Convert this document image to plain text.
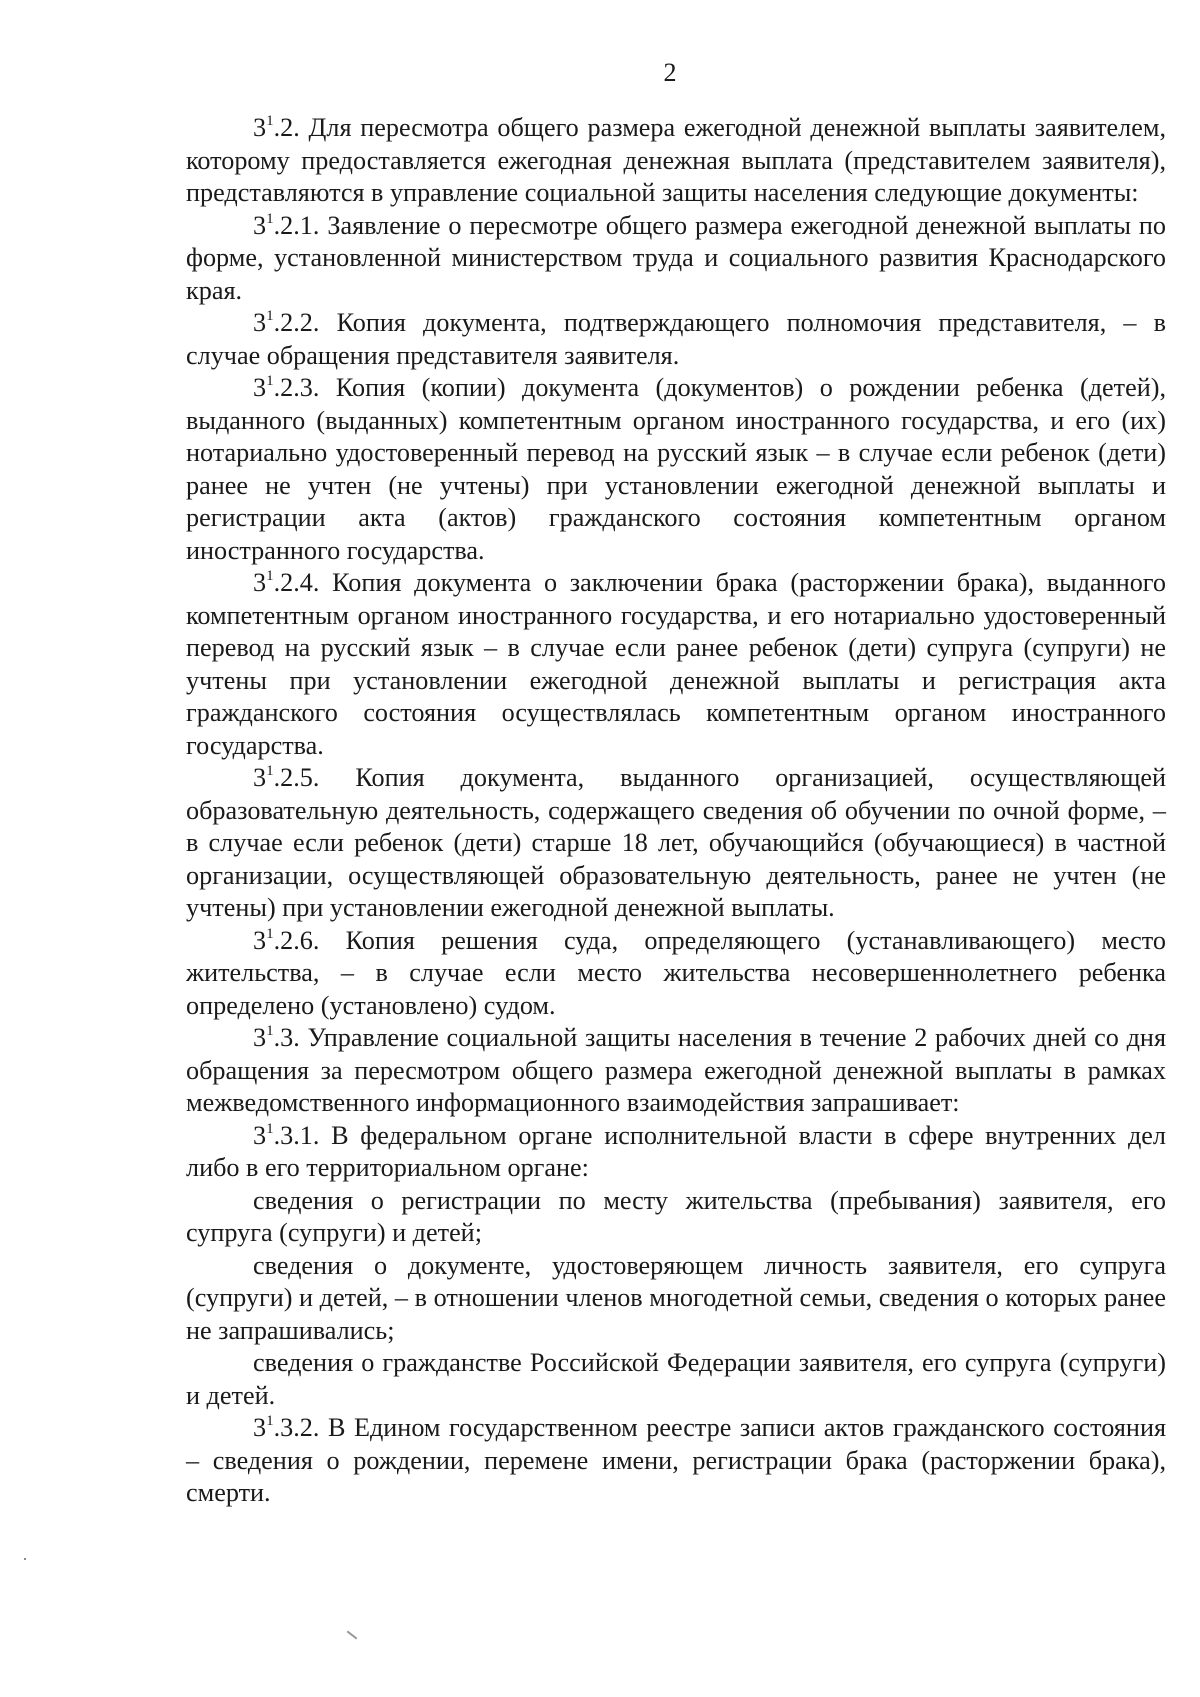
2

$3^1.2$. Для пересмотра общего размера ежегодной денежной выплаты заявителем, которому предоставляется ежегодная денежная выплата (представителем заявителя), представляются в управление социальной защиты населения следующие документы:

$3^1.2.1$. Заявление о пересмотре общего размера ежегодной денежной выплаты по форме, установленной министерством труда и социального развития Краснодарского края.

$3^1.2.2$. Копия документа, подтверждающего полномочия представителя, – в случае обращения представителя заявителя.

$3^1.2.3$. Копия (копии) документа (документов) о рождении ребенка (детей), выданного (выданных) компетентным органом иностранного государства, и его (их) нотариально удостоверенный перевод на русский язык – в случае если ребенок (дети) ранее не учтен (не учтены) при установлении ежегодной денежной выплаты и регистрации акта (актов) гражданского состояния компетентным органом иностранного государства.

$3^1.2.4$. Копия документа о заключении брака (расторжении брака), выданного компетентным органом иностранного государства, и его нотариально удостоверенный перевод на русский язык – в случае если ранее ребенок (дети) супруга (супруги) не учтены при установлении ежегодной денежной выплаты и регистрация акта гражданского состояния осуществлялась компетентным органом иностранного государства.

$3^1.2.5$. Копия документа, выданного организацией, осуществляющей образовательную деятельность, содержащего сведения об обучении по очной форме, – в случае если ребенок (дети) старше 18 лет, обучающийся (обучающиеся) в частной организации, осуществляющей образовательную деятельность, ранее не учтен (не учтены) при установлении ежегодной денежной выплаты.

$3^1.2.6$. Копия решения суда, определяющего (устанавливающего) место жительства, – в случае если место жительства несовершеннолетнего ребенка определено (установлено) судом.

$3^1.3$. Управление социальной защиты населения в течение 2 рабочих дней со дня обращения за пересмотром общего размера ежегодной денежной выплаты в рамках межведомственного информационного взаимодействия запрашивает:

$3^1.3.1$. В федеральном органе исполнительной власти в сфере внутренних дел либо в его территориальном органе:

сведения о регистрации по месту жительства (пребывания) заявителя, его супруга (супруги) и детей;

сведения о документе, удостоверяющем личность заявителя, его супруга (супруги) и детей, – в отношении членов многодетной семьи, сведения о которых ранее не запрашивались;

сведения о гражданстве Российской Федерации заявителя, его супруга (супруги) и детей.

$3^1.3.2$. В Едином государственном реестре записи актов гражданского состояния – сведения о рождении, перемене имени, регистрации брака (расторжении брака), смерти.
